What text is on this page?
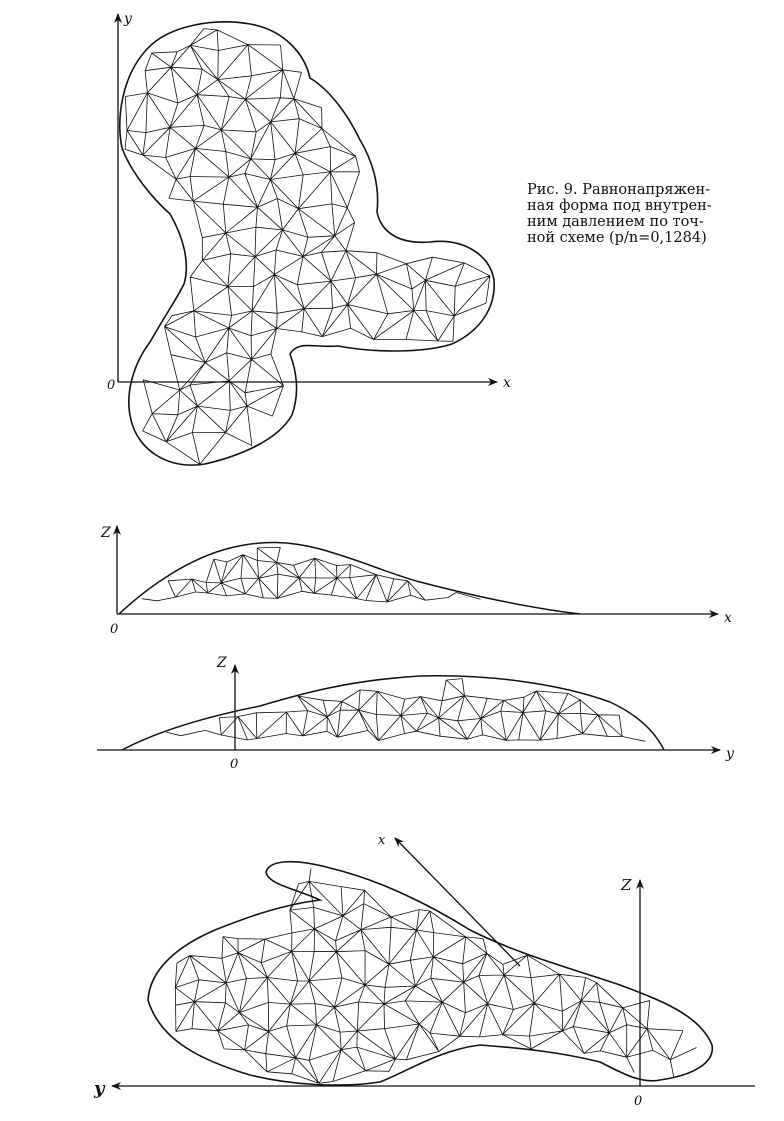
Рис. 9. Равнонапряжен-
ная форма под внутрен-
ним давлением по точ-
ной схеме (p/n=0,1284)
y
x
0
Z
x
0
Z
y
0
Z
y
x
0
